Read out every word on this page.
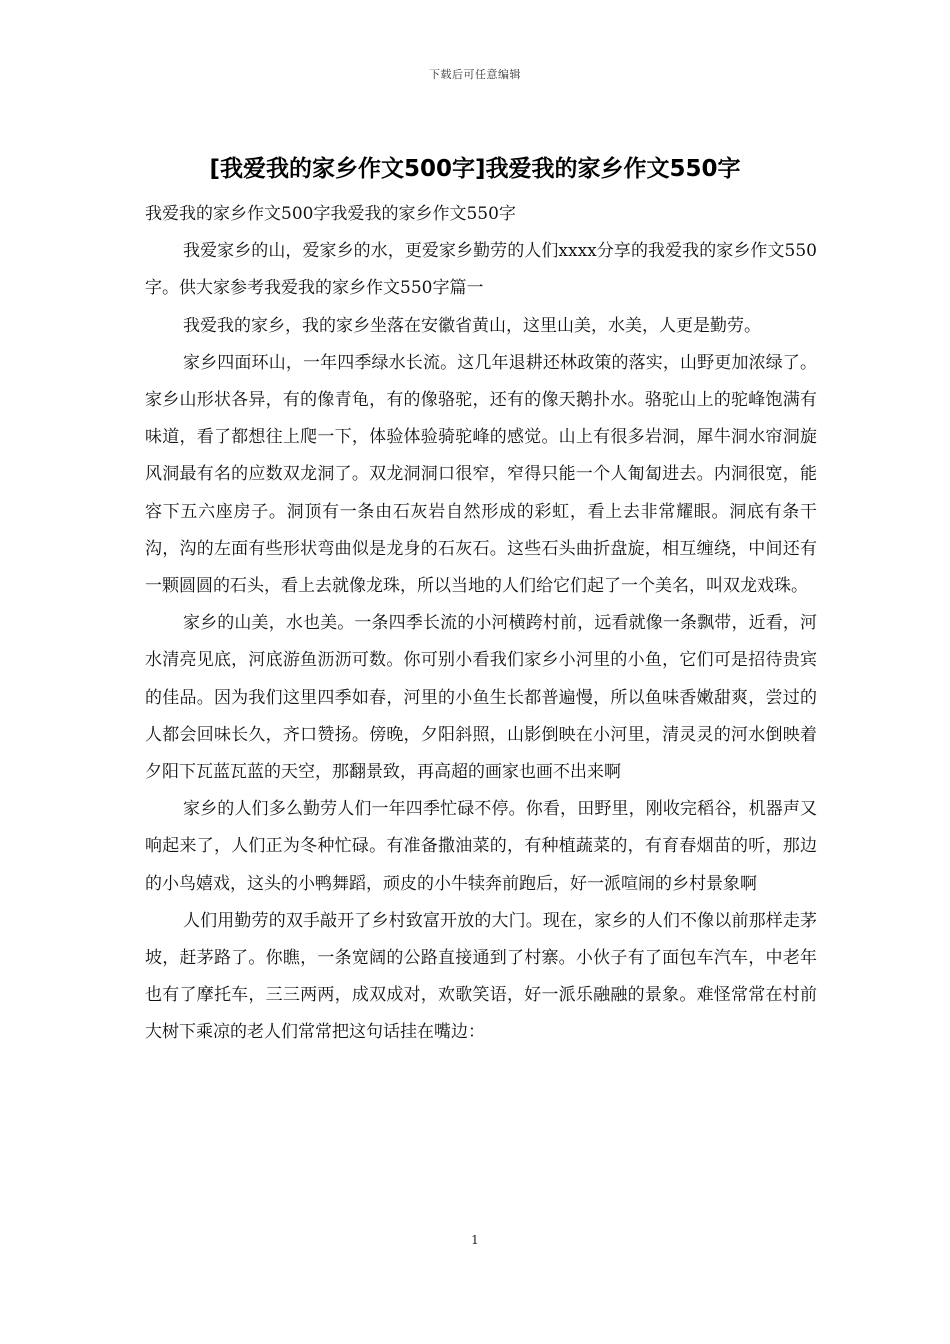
下载后可任意编辑
[我爱我的家乡作文500字]我爱我的家乡作文550字

我爱我的家乡作文500字我爱我的家乡作文550字

我爱家乡的山，爱家乡的水，更爱家乡勤劳的人们xxxx分享的我爱我的家乡作文550字。供大家参考我爱我的家乡作文550字篇一

我爱我的家乡，我的家乡坐落在安徽省黄山，这里山美，水美，人更是勤劳。

家乡四面环山，一年四季绿水长流。这几年退耕还林政策的落实，山野更加浓绿了。家乡山形状各异，有的像青龟，有的像骆驼，还有的像天鹅扑水。骆驼山上的驼峰饱满有味道，看了都想往上爬一下，体验体验骑驼峰的感觉。山上有很多岩洞，犀牛洞水帘洞旋风洞最有名的应数双龙洞了。双龙洞洞口很窄，窄得只能一个人匍匐进去。内洞很宽，能容下五六座房子。洞顶有一条由石灰岩自然形成的彩虹，看上去非常耀眼。洞底有条干沟，沟的左面有些形状弯曲似是龙身的石灰石。这些石头曲折盘旋，相互缠绕，中间还有一颗圆圆的石头，看上去就像龙珠，所以当地的人们给它们起了一个美名，叫双龙戏珠。

家乡的山美，水也美。一条四季长流的小河横跨村前，远看就像一条飘带，近看，河水清亮见底，河底游鱼沥沥可数。你可别小看我们家乡小河里的小鱼，它们可是招待贵宾的佳品。因为我们这里四季如春，河里的小鱼生长都普遍慢，所以鱼味香嫩甜爽，尝过的人都会回味长久，齐口赞扬。傍晚，夕阳斜照，山影倒映在小河里，清灵灵的河水倒映着夕阳下瓦蓝瓦蓝的天空，那翻景致，再高超的画家也画不出来啊

家乡的人们多么勤劳人们一年四季忙碌不停。你看，田野里，刚收完稻谷，机器声又响起来了，人们正为冬种忙碌。有准备撒油菜的，有种植蔬菜的，有育春烟苗的听，那边的小鸟嬉戏，这头的小鸭舞蹈，顽皮的小牛犊奔前跑后，好一派喧闹的乡村景象啊

人们用勤劳的双手敲开了乡村致富开放的大门。现在，家乡的人们不像以前那样走茅坡，赶茅路了。你瞧，一条宽阔的公路直接通到了村寨。小伙子有了面包车汽车，中老年也有了摩托车，三三两两，成双成对，欢歌笑语，好一派乐融融的景象。难怪常常在村前大树下乘凉的老人们常常把这句话挂在嘴边：

1
